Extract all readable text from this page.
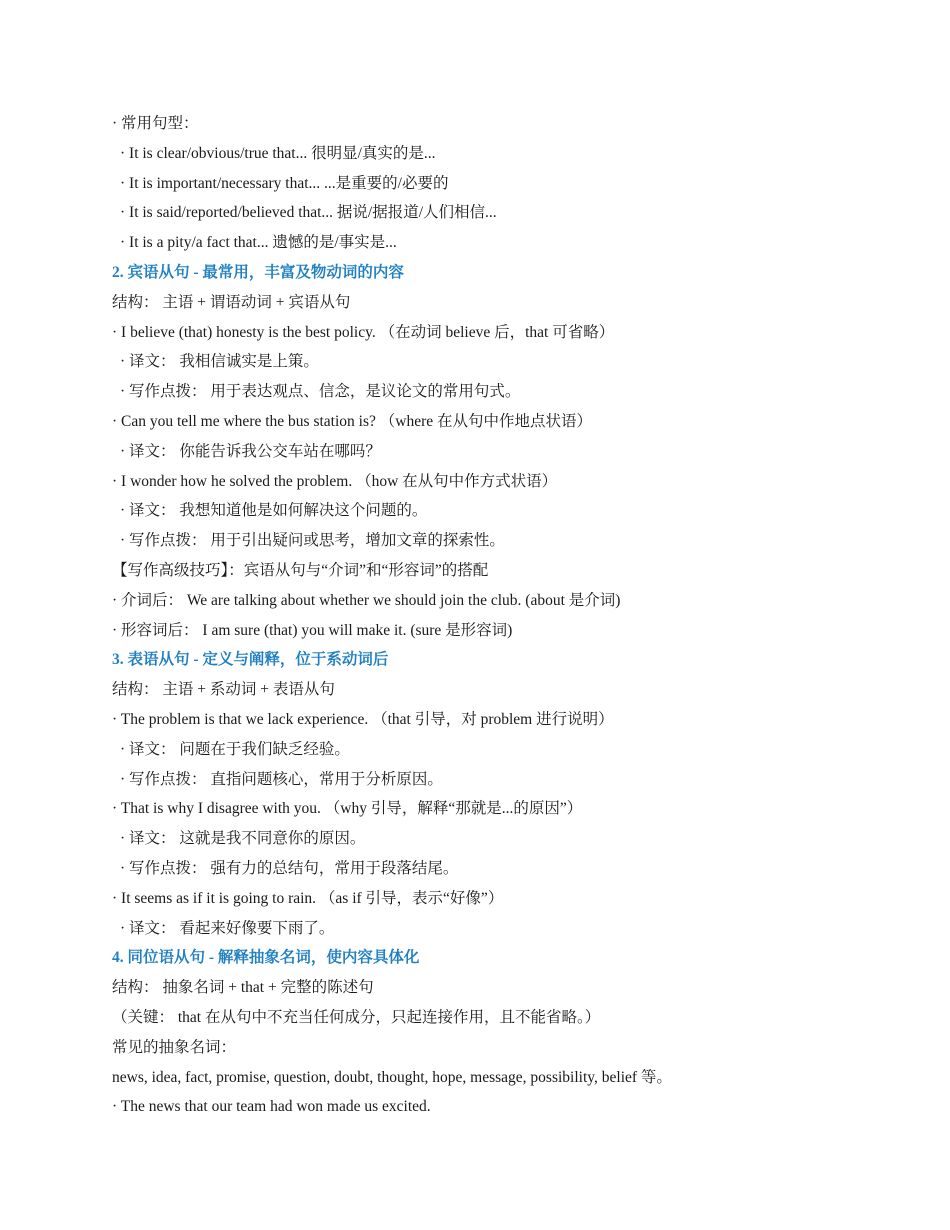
· 常用句型：
· It is clear/obvious/true that... 很明显/真实的是...
· It is important/necessary that... ...是重要的/必要的
· It is said/reported/believed that... 据说/据报道/人们相信...
· It is a pity/a fact that... 遗憾的是/事实是...
2. 宾语从句 - 最常用，丰富及物动词的内容
结构： 主语 + 谓语动词 + 宾语从句
· I believe (that) honesty is the best policy. （在动词 believe 后，that 可省略）
· 译文： 我相信诚实是上策。
· 写作点拨： 用于表达观点、信念，是议论文的常用句式。
· Can you tell me where the bus station is? （where 在从句中作地点状语）
· 译文： 你能告诉我公交车站在哪吗？
· I wonder how he solved the problem. （how 在从句中作方式状语）
· 译文： 我想知道他是如何解决这个问题的。
· 写作点拨： 用于引出疑问或思考，增加文章的探索性。
【写作高级技巧】：宾语从句与“介词”和“形容词”的搭配
· 介词后： We are talking about whether we should join the club. (about 是介词)
· 形容词后： I am sure (that) you will make it. (sure 是形容词)
3. 表语从句 - 定义与阐释，位于系动词后
结构： 主语 + 系动词 + 表语从句
· The problem is that we lack experience. （that 引导，对 problem 进行说明）
· 译文： 问题在于我们缺乏经验。
· 写作点拨： 直指问题核心，常用于分析原因。
· That is why I disagree with you. （why 引导，解释“那就是...的原因”）
· 译文： 这就是我不同意你的原因。
· 写作点拨： 强有力的总结句，常用于段落结尾。
· It seems as if it is going to rain. （as if 引导，表示“好像”）
· 译文： 看起来好像要下雨了。
4. 同位语从句 - 解释抽象名词，使内容具体化
结构： 抽象名词 + that + 完整的陈述句
（关键： that 在从句中不充当任何成分，只起连接作用，且不能省略。）
常见的抽象名词：
news, idea, fact, promise, question, doubt, thought, hope, message, possibility, belief 等。
· The news that our team had won made us excited.
